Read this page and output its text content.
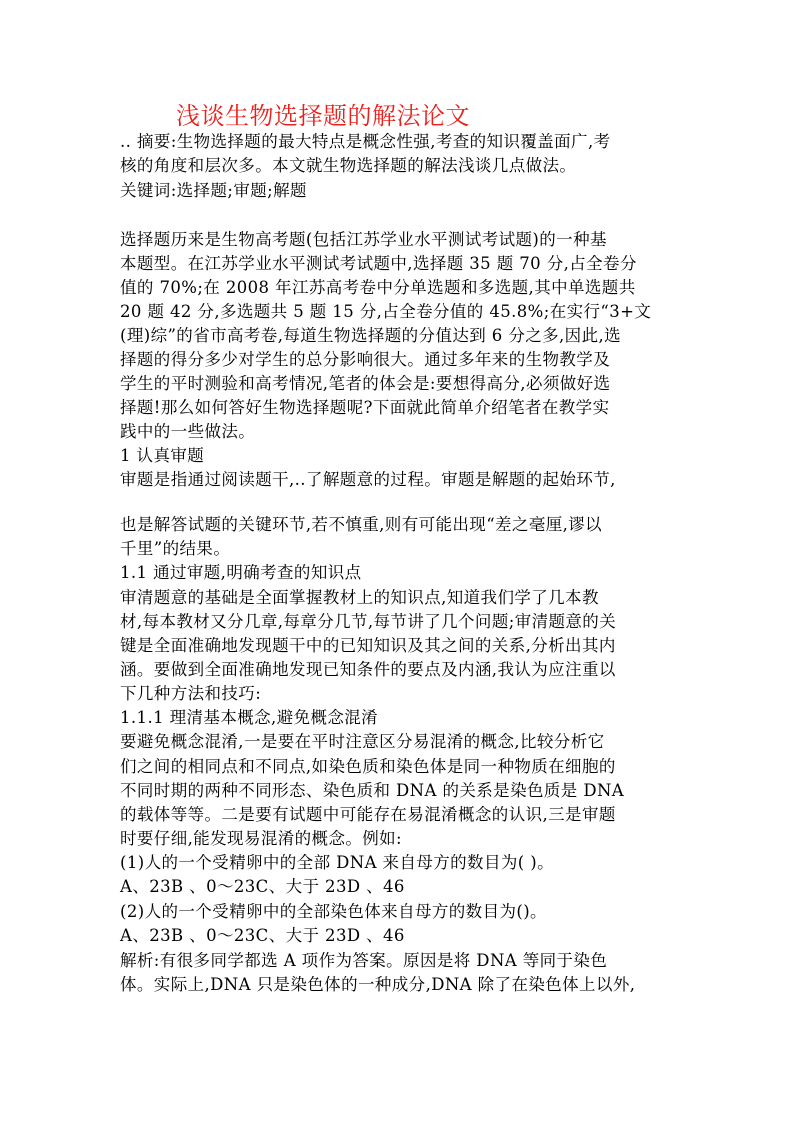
浅谈生物选择题的解法论文
.. 摘要:生物选择题的最大特点是概念性强,考查的知识覆盖面广,考
核的角度和层次多。本文就生物选择题的解法浅谈几点做法。
关键词:选择题;审题;解题
选择题历来是生物高考题(包括江苏学业水平测试考试题)的一种基
本题型。在江苏学业水平测试考试题中,选择题 35 题 70 分,占全卷分
值的 70%;在 2008 年江苏高考卷中分单选题和多选题,其中单选题共
20 题 42 分,多选题共 5 题 15 分,占全卷分值的 45.8%;在实行“3+文
(理)综”的省市高考卷,每道生物选择题的分值达到 6 分之多,因此,选
择题的得分多少对学生的总分影响很大。通过多年来的生物教学及
学生的平时测验和高考情况,笔者的体会是:要想得高分,必须做好选
择题!那么如何答好生物选择题呢?下面就此简单介绍笔者在教学实
践中的一些做法。
1 认真审题
审题是指通过阅读题干,..了解题意的过程。审题是解题的起始环节,
也是解答试题的关键环节,若不慎重,则有可能出现“差之毫厘,谬以
千里”的结果。
1.1 通过审题,明确考查的知识点
审清题意的基础是全面掌握教材上的知识点,知道我们学了几本教
材,每本教材又分几章,每章分几节,每节讲了几个问题;审清题意的关
键是全面准确地发现题干中的已知知识及其之间的关系,分析出其内
涵。要做到全面准确地发现已知条件的要点及内涵,我认为应注重以
下几种方法和技巧:
1.1.1 理清基本概念,避免概念混淆
要避免概念混淆,一是要在平时注意区分易混淆的概念,比较分析它
们之间的相同点和不同点,如染色质和染色体是同一种物质在细胞的
不同时期的两种不同形态、染色质和 DNA 的关系是染色质是 DNA
的载体等等。二是要有试题中可能存在易混淆概念的认识,三是审题
时要仔细,能发现易混淆的概念。例如:
(1)人的一个受精卵中的全部 DNA 来自母方的数目为( )。
A、23B 、0～23C、大于 23D 、46
(2)人的一个受精卵中的全部染色体来自母方的数目为()。
A、23B 、0～23C、大于 23D 、46
解析:有很多同学都选 A 项作为答案。原因是将 DNA 等同于染色
体。实际上,DNA 只是染色体的一种成分,DNA 除了在染色体上以外,
